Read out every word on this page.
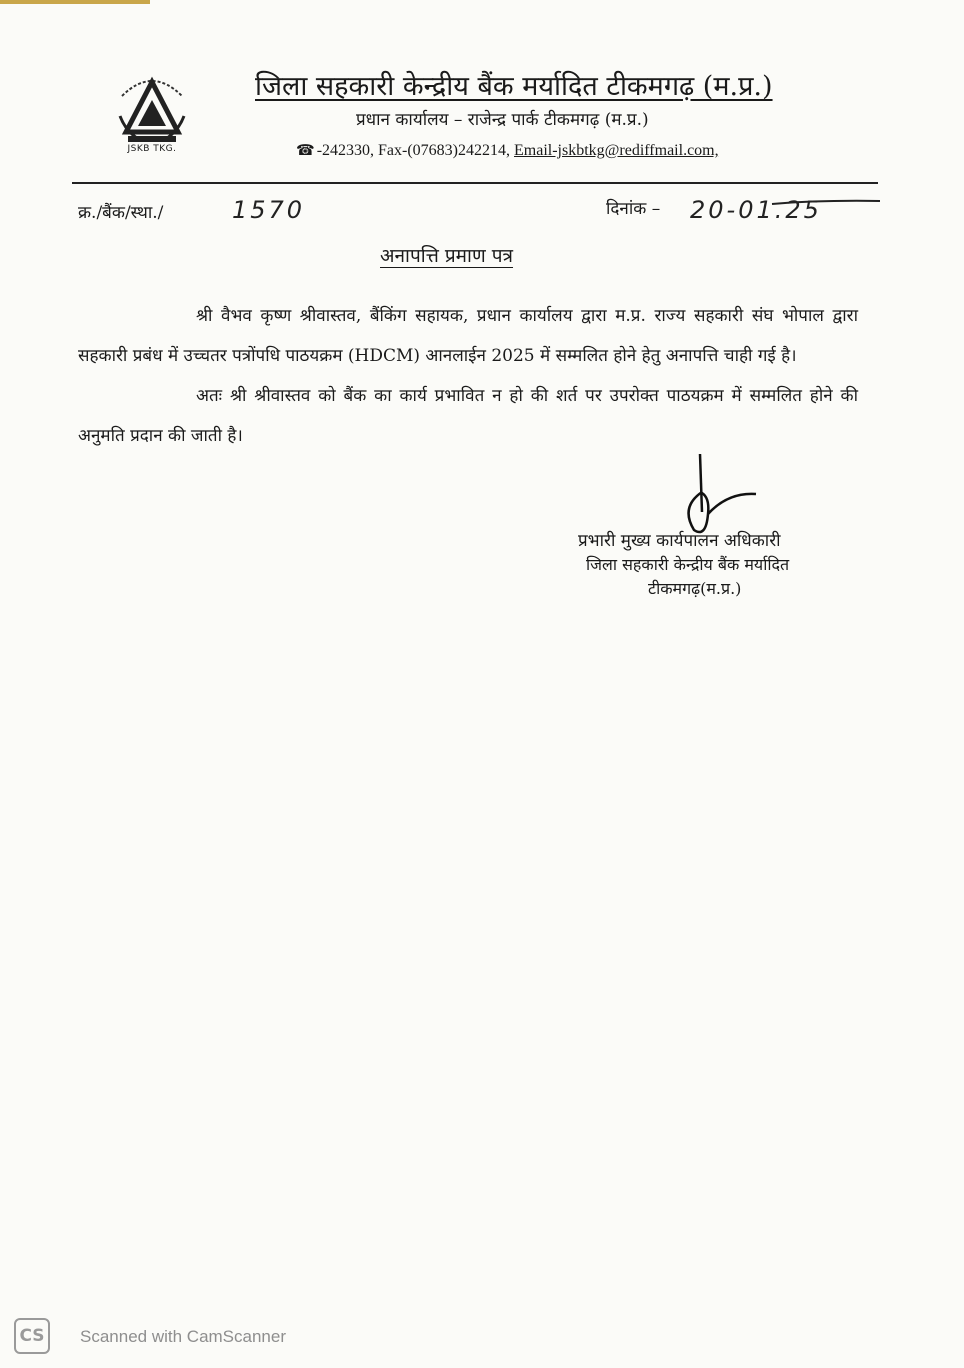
JSKB TKG.
जिला सहकारी केन्द्रीय बैंक मर्यादित टीकमगढ़ (म.प्र.)
प्रधान कार्यालय – राजेन्द्र पार्क टीकमगढ़ (म.प्र.)
☎ -242330, Fax-(07683)242214, Email-jskbtkg@rediffmail.com,
क्र./बैंक/स्था./	1570	दिनांक – 20-01.25
अनापत्ति प्रमाण पत्र

श्री वैभव कृष्ण श्रीवास्तव, बैंकिंग सहायक, प्रधान कार्यालय द्वारा म.प्र. राज्य सहकारी संघ भोपाल द्वारा सहकारी प्रबंध में उच्चतर पत्रोंपधि पाठयक्रम (HDCM) आनलाईन 2025 में सम्मलित होने हेतु अनापत्ति चाही गई है।

अतः श्री श्रीवास्तव को बैंक का कार्य प्रभावित न हो की शर्त पर उपरोक्त पाठयक्रम में सम्मलित होने की अनुमति प्रदान की जाती है।

प्रभारी मुख्य कार्यपालन अधिकारी
जिला सहकारी केन्द्रीय बैंक मर्यादित
टीकमगढ़(म.प्र.)
CS	Scanned with CamScanner
